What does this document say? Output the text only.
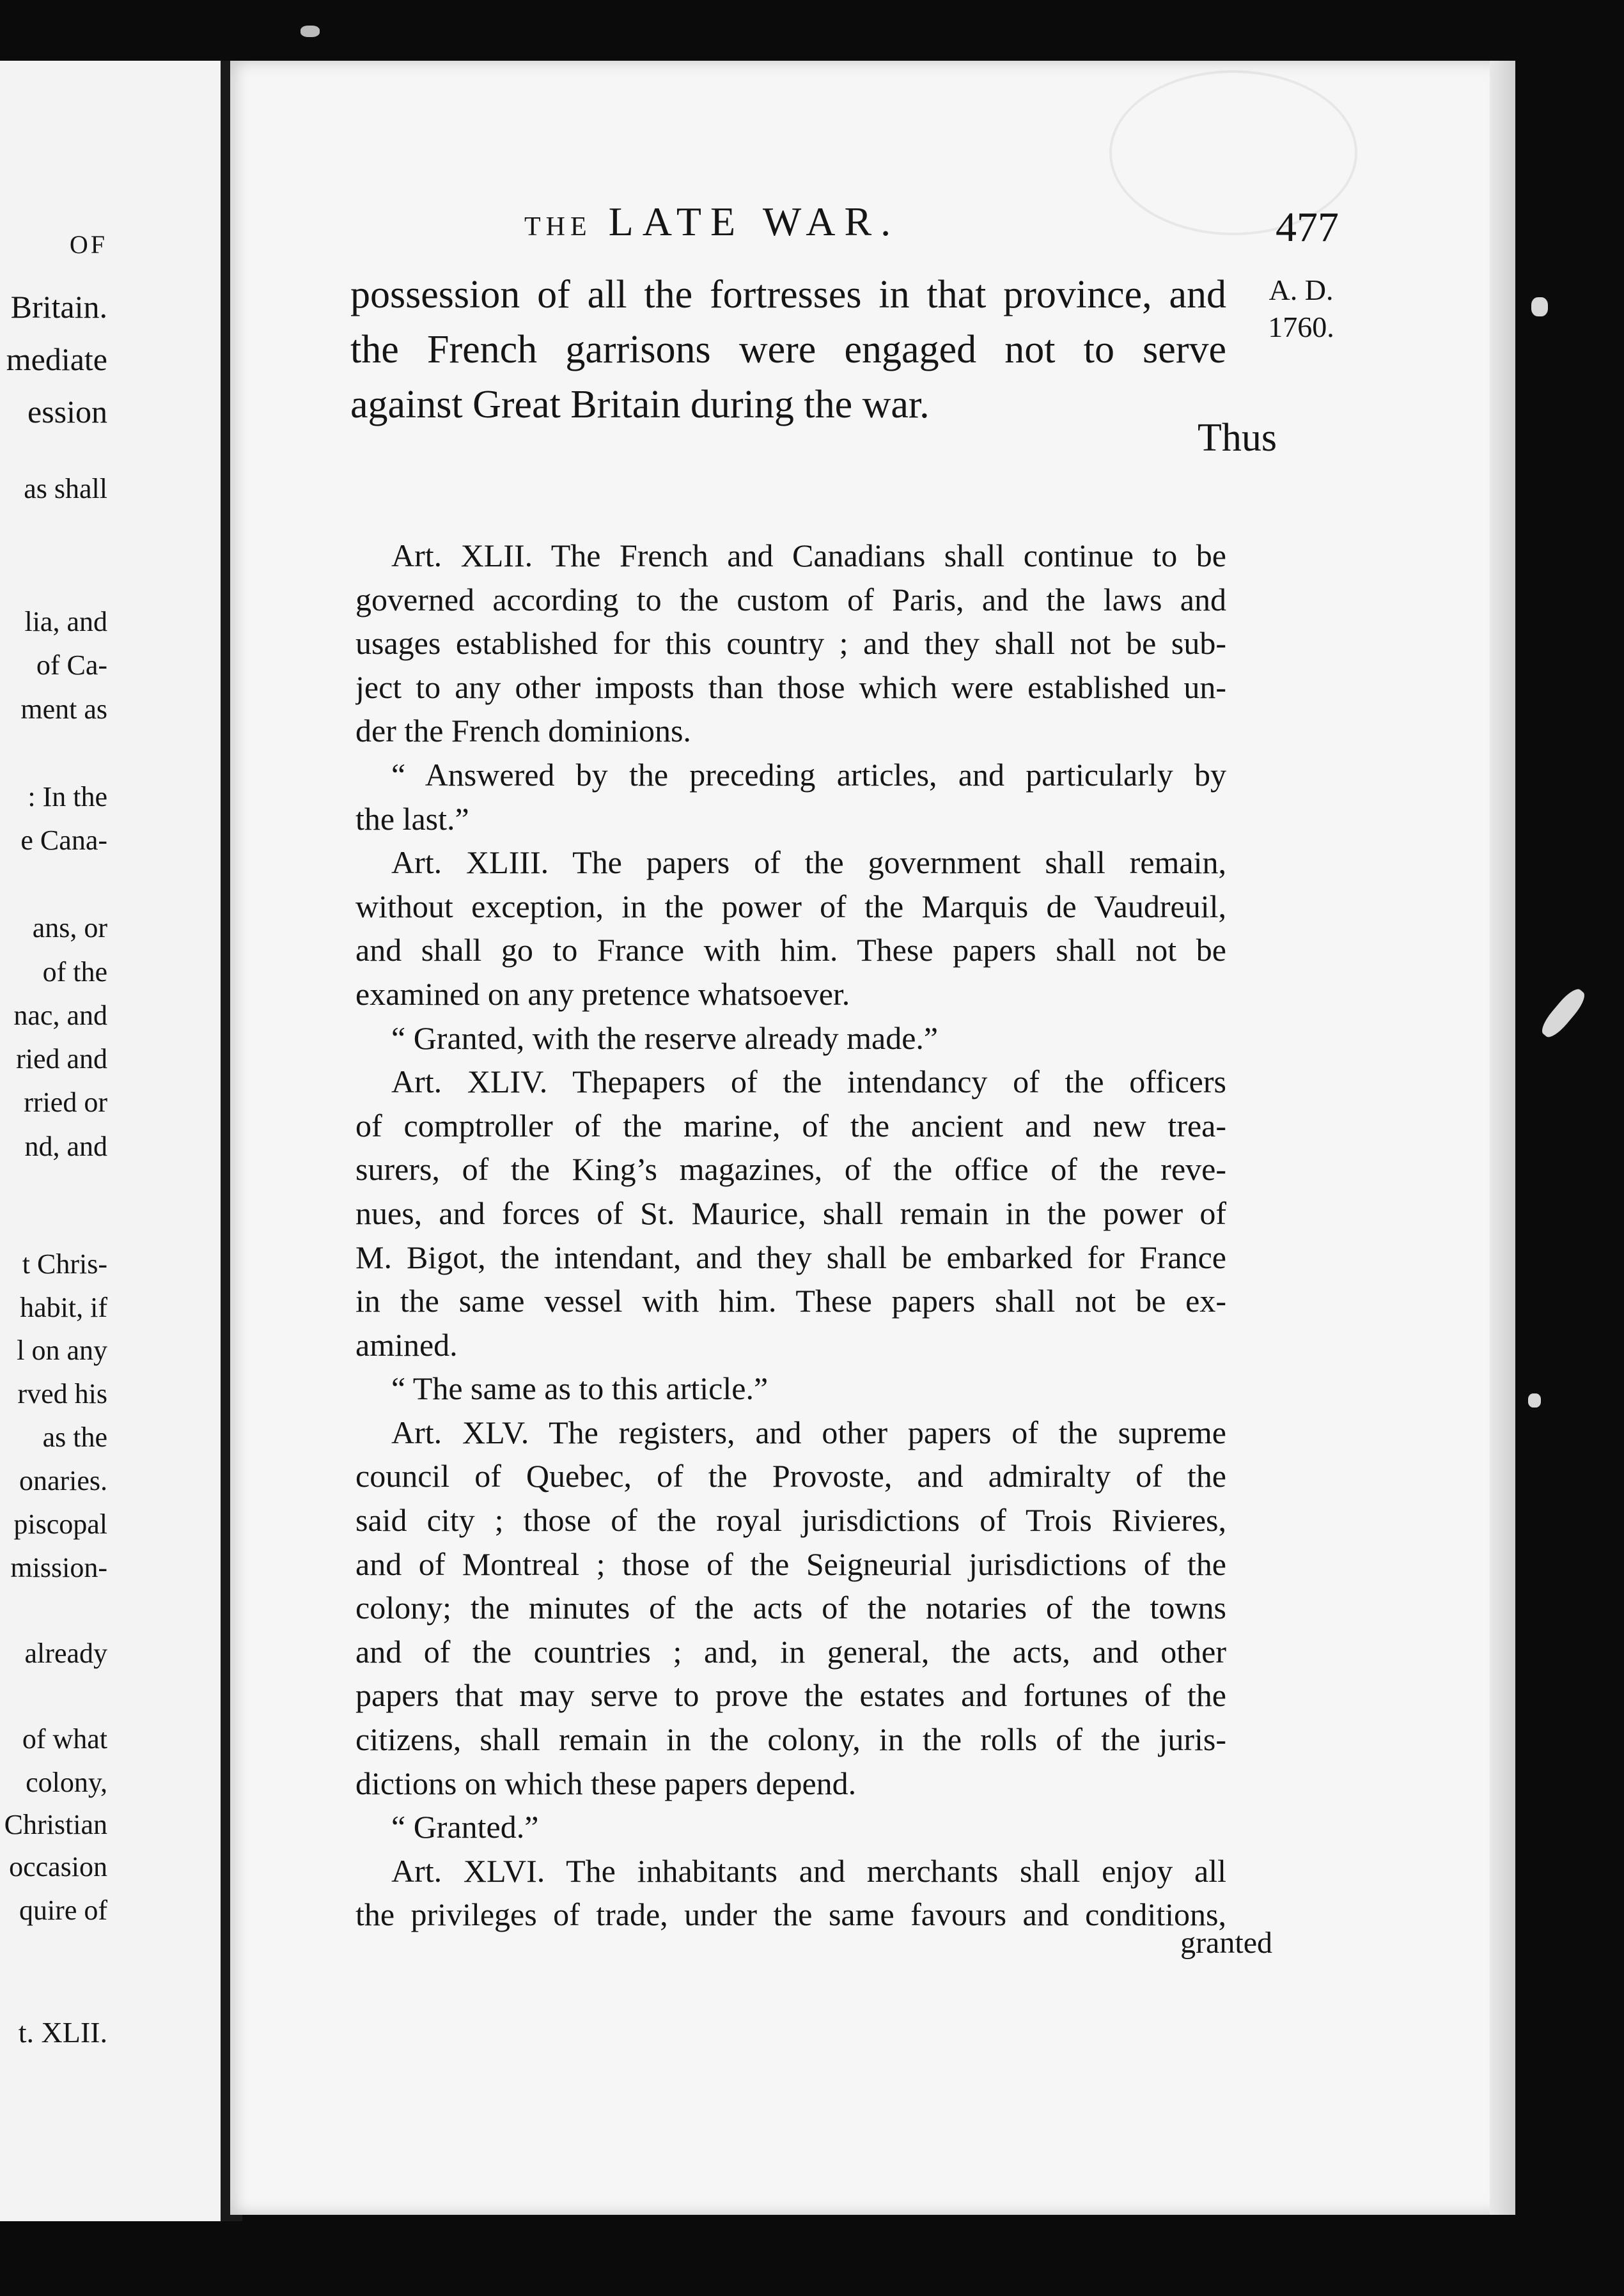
OF
Britain.
mediate
ession
as shall
lia, and
of Ca-
ment as
: In the
e Cana-
ans, or
of the
nac, and
ried and
rried or
nd, and
t Chris-
habit, if
l on any
rved his
as the
onaries.
piscopal
mission-
already
of what
colony,
Christian
occasion
quire of
t. XLII.
THE LATE WAR.	477
A. D.
1760.
possession of all the fortresses in that province, and
the French garrisons were engaged not to serve
against Great Britain during the war.
Thus
Art. XLII. The French and Canadians shall continue to be
governed according to the custom of Paris, and the laws and
usages established for this country ; and they shall not be sub-
ject to any other imposts than those which were established un-
der the French dominions.
“ Answered by the preceding articles, and particularly by
the last.”
Art. XLIII. The papers of the government shall remain,
without exception, in the power of the Marquis de Vaudreuil,
and shall go to France with him. These papers shall not be
examined on any pretence whatsoever.
“ Granted, with the reserve already made.”
Art. XLIV. Thepapers of the intendancy of the officers
of comptroller of the marine, of the ancient and new trea-
surers, of the King’s magazines, of the office of the reve-
nues, and forces of St. Maurice, shall remain in the power of
M. Bigot, the intendant, and they shall be embarked for France
in the same vessel with him. These papers shall not be ex-
amined.
“ The same as to this article.”
Art. XLV. The registers, and other papers of the supreme
council of Quebec, of the Provoste, and admiralty of the
said city ; those of the royal jurisdictions of Trois Rivieres,
and of Montreal ; those of the Seigneurial jurisdictions of the
colony; the minutes of the acts of the notaries of the towns
and of the countries ; and, in general, the acts, and other
papers that may serve to prove the estates and fortunes of the
citizens, shall remain in the colony, in the rolls of the juris-
dictions on which these papers depend.
“ Granted.”
Art. XLVI. The inhabitants and merchants shall enjoy all
the privileges of trade, under the same favours and conditions,
granted
